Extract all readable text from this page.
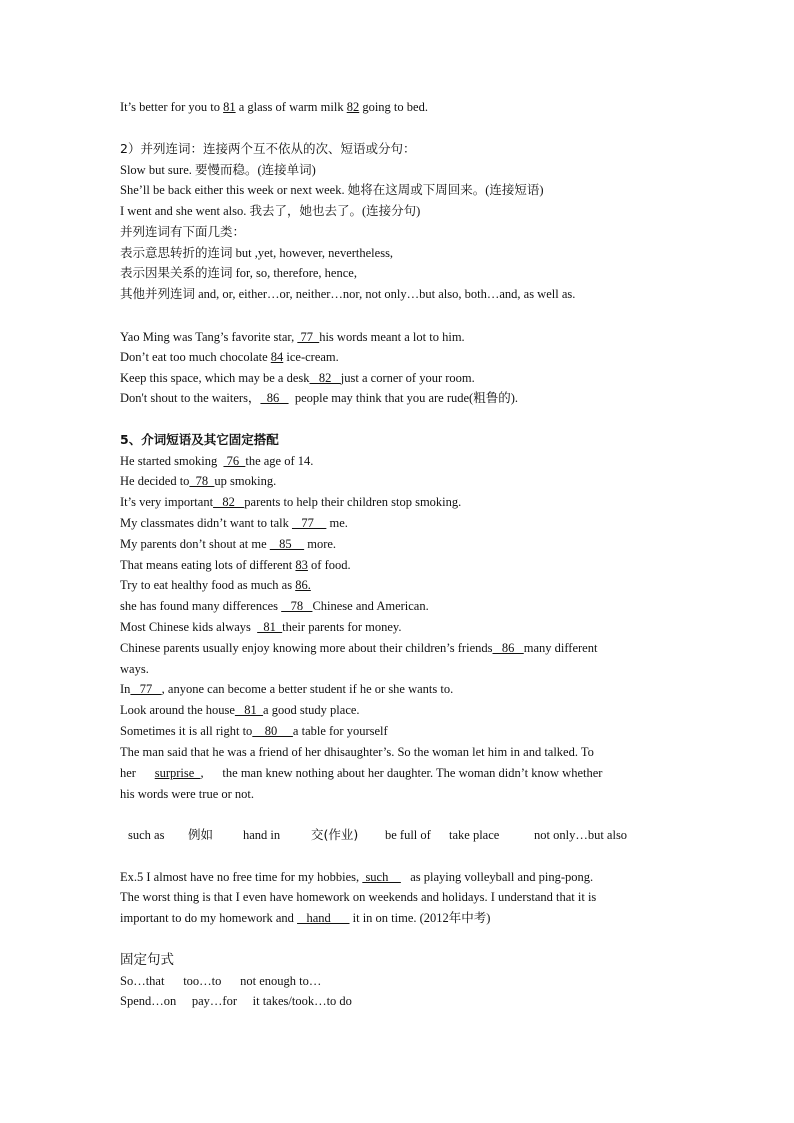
It’s better for you to 81 a glass of warm milk 82 going to bed.
2）并列连词：连接两个互不依从的次、短语或分句：
Slow but sure. 要慢而稳。(连接单词)
She’ll be back either this week or next week. 她将在这周或下周回来。(连接短语)
I went and she went also. 我去了，她也去了。(连接分句)
并列连词有下面几类：
表示意思转折的连词 but ,yet, however, nevertheless,
表示因果关系的连词 for, so, therefore, hence,
其他并列连词 and, or, either…or, neither…nor, not only…but also, both…and, as well as.
Yao Ming was Tang’s favorite star,  77  his words meant a lot to him.
Don’t eat too much chocolate 84 ice-cream.
Keep this space, which may be a desk   82   just a corner of your room.
Don't shout to the waiters，  86     people may think that you are rude(粗鲁的).
5、介词短语及其它固定搭配
He started smoking   76  the age of 14.
He decided to  78  up smoking.
It’s very important   82   parents to help their children stop smoking.
My classmates didn’t want to talk    77     me.
My parents don’t shout at me    85     more.
That means eating lots of different 83 of food.
Try to eat healthy food as much as 86.
she has found many differences    78   Chinese and American.
Most Chinese kids always    81  their parents for money.
Chinese parents usually enjoy knowing more about their children’s friends   86   many different
ways.
In   77   , anyone can become a better student if he or she wants to.
Look around the house   81  a good study place.
Sometimes it is all right to    80     a table for yourself
The man said that he was a friend of her dhisaughter’s. So the woman let him in and talked. To
her      surprise  ,      the man knew nothing about her daughter. The woman didn’t know whether
his words were true or not.
such as 例如 hand in 交(作业) be full of take place	not only…but also
Ex.5 I almost have no free time for my hobbies,  such       as playing volleyball and ping-pong.
The worst thing is that I even have homework on weekends and holidays. I understand that it is
important to do my homework and    hand       it in on time. (2012年中考)
固定句式
So…that      too…to      not enough to…
Spend…on     pay…for     it takes/took…to do
